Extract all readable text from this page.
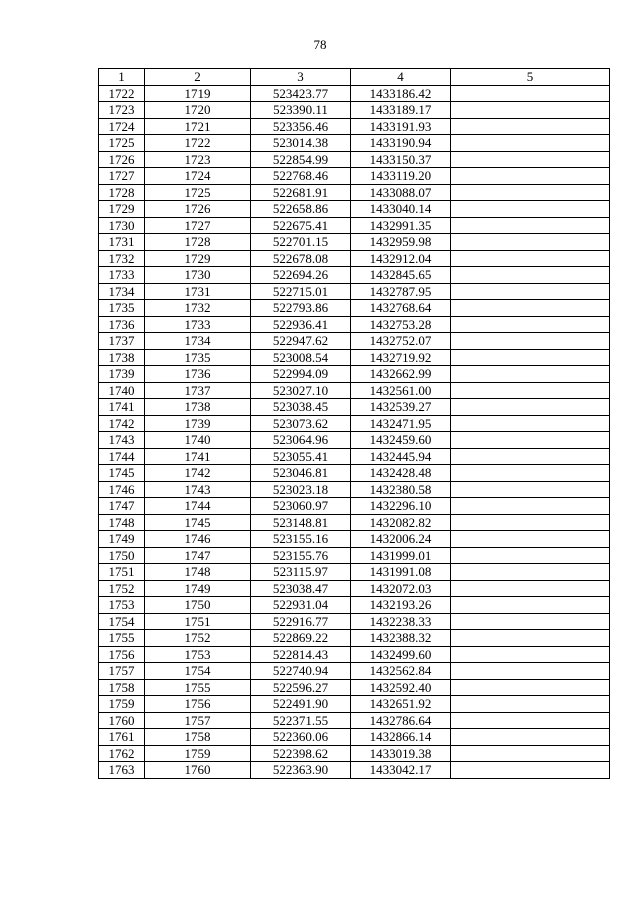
78
1	2	3	4	5
1722	1719	523423.77	1433186.42	
1723	1720	523390.11	1433189.17	
1724	1721	523356.46	1433191.93	
1725	1722	523014.38	1433190.94	
1726	1723	522854.99	1433150.37	
1727	1724	522768.46	1433119.20	
1728	1725	522681.91	1433088.07	
1729	1726	522658.86	1433040.14	
1730	1727	522675.41	1432991.35	
1731	1728	522701.15	1432959.98	
1732	1729	522678.08	1432912.04	
1733	1730	522694.26	1432845.65	
1734	1731	522715.01	1432787.95	
1735	1732	522793.86	1432768.64	
1736	1733	522936.41	1432753.28	
1737	1734	522947.62	1432752.07	
1738	1735	523008.54	1432719.92	
1739	1736	522994.09	1432662.99	
1740	1737	523027.10	1432561.00	
1741	1738	523038.45	1432539.27	
1742	1739	523073.62	1432471.95	
1743	1740	523064.96	1432459.60	
1744	1741	523055.41	1432445.94	
1745	1742	523046.81	1432428.48	
1746	1743	523023.18	1432380.58	
1747	1744	523060.97	1432296.10	
1748	1745	523148.81	1432082.82	
1749	1746	523155.16	1432006.24	
1750	1747	523155.76	1431999.01	
1751	1748	523115.97	1431991.08	
1752	1749	523038.47	1432072.03	
1753	1750	522931.04	1432193.26	
1754	1751	522916.77	1432238.33	
1755	1752	522869.22	1432388.32	
1756	1753	522814.43	1432499.60	
1757	1754	522740.94	1432562.84	
1758	1755	522596.27	1432592.40	
1759	1756	522491.90	1432651.92	
1760	1757	522371.55	1432786.64	
1761	1758	522360.06	1432866.14	
1762	1759	522398.62	1433019.38	
1763	1760	522363.90	1433042.17	
